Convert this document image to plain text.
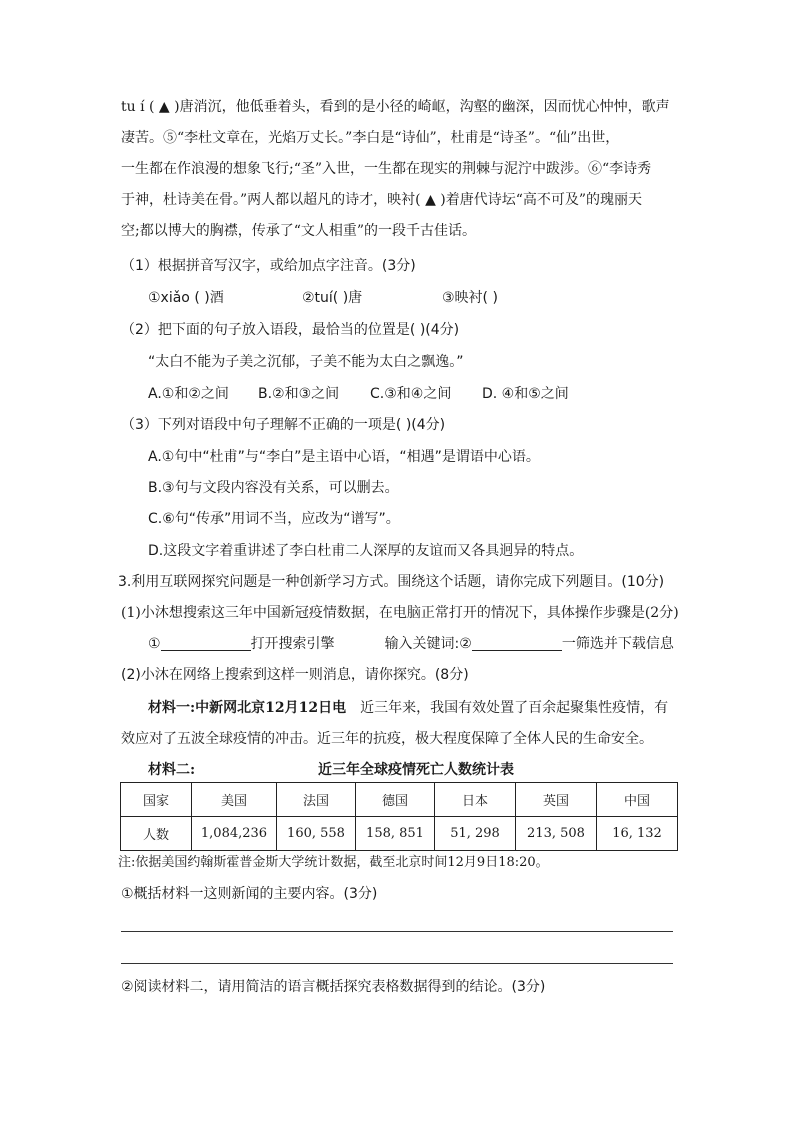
tu í ( ▲ )唐消沉，他低垂着头，看到的是小径的崎岖，沟壑的幽深，因而忧心忡忡，歌声
凄苦。⑤“李杜文章在，光焰万丈长。”李白是“诗仙”，杜甫是“诗圣”。“仙”出世，
一生都在作浪漫的想象飞行;“圣”入世，一生都在现实的荆棘与泥泞中跋涉。⑥“李诗秀
于神，杜诗美在骨。”两人都以超凡的诗才，映衬( ▲ )着唐代诗坛“高不可及”的瑰丽天
空;都以博大的胸襟，传承了“文人相重”的一段千古佳话。
（1）根据拼音写汉字，或给加点字注音。(3分)
①xiǎo ( )酒	②tuí( )唐	③映衬( )
（2）把下面的句子放入语段，最恰当的位置是( )(4分)
“太白不能为子美之沉郁，子美不能为太白之飘逸。”
A.①和②之间 B.②和③之间 C.③和④之间 D. ④和⑤之间
（3）下列对语段中句子理解不正确的一项是( )(4分)
A.①句中“杜甫”与“李白”是主语中心语，“相遇”是谓语中心语。
B.③句与文段内容没有关系，可以删去。
C.⑥句“传承”用词不当，应改为“谱写”。
D.这段文字着重讲述了李白杜甫二人深厚的友谊而又各具迥异的特点。
3.利用互联网探究问题是一种创新学习方式。围绕这个话题，请你完成下列题目。(10分)
(1)小沐想搜索这三年中国新冠疫情数据，在电脑正常打开的情况下，具体操作步骤是(2分)
①	打开搜索引擎	输入关键词:②	一筛选并下载信息
(2)小沐在网络上搜索到这样一则消息，请你探究。(8分)
材料一:中新网北京12月12日电 近三年来，我国有效处置了百余起聚集性疫情，有
效应对了五波全球疫情的冲击。近三年的抗疫，极大程度保障了全体人民的生命安全。
材料二:	近三年全球疫情死亡人数统计表
国家	美国	法国	德国	日本	英国	中国
人数	1,084,236	160, 558	158, 851	51, 298	213, 508	16, 132
注:依据美国约翰斯霍普金斯大学统计数据，截至北京时间12月9日18:20。
①概括材料一这则新闻的主要内容。(3分)
②阅读材料二，请用简洁的语言概括探究表格数据得到的结论。(3分)
